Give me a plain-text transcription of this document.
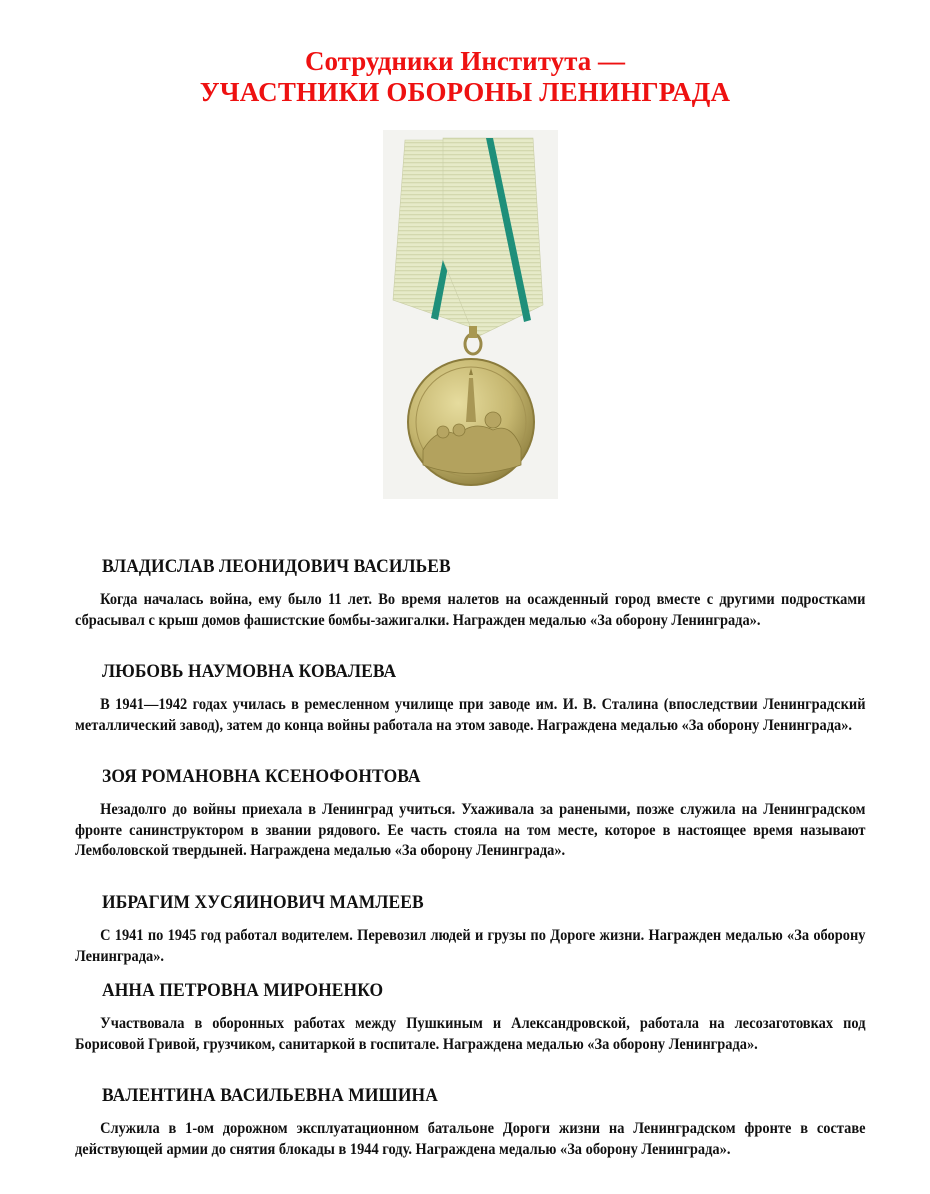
Сотрудники Института —
УЧАСТНИКИ ОБОРОНЫ ЛЕНИНГРАДА
ВЛАДИСЛАВ ЛЕОНИДОВИЧ ВАСИЛЬЕВ
Когда началась война, ему было 11 лет. Во время налетов на осажденный город вместе с другими подростками сбрасывал с крыш домов фашистские бомбы-зажигалки. Награжден медалью «За оборону Ленинграда».
ЛЮБОВЬ НАУМОВНА КОВАЛЕВА
В 1941—1942 годах училась в ремесленном училище при заводе им. И. В. Сталина (впоследствии Ленинградский металлический завод), затем до конца войны работала на этом заводе. Награждена медалью «За оборону Ленинграда».
ЗОЯ РОМАНОВНА КСЕНОФОНТОВА
Незадолго до войны приехала в Ленинград учиться. Ухаживала за ранеными, позже служила на Ленинградском фронте санинструктором в звании рядового. Ее часть стояла на том месте, которое в настоящее время называют Лемболовской твердыней. Награждена медалью «За оборону Ленинграда».
ИБРАГИМ ХУСЯИНОВИЧ МАМЛЕЕВ
С 1941 по 1945 год работал водителем. Перевозил людей и грузы по Дороге жизни. Награжден медалью «За оборону Ленинграда».
АННА ПЕТРОВНА МИРОНЕНКО
Участвовала в оборонных работах между Пушкиным и Александровской, работала на лесозаготовках под Борисовой Гривой, грузчиком, санитаркой в госпитале. Награждена медалью «За оборону Ленинграда».
ВАЛЕНТИНА ВАСИЛЬЕВНА МИШИНА
Служила в 1-ом дорожном эксплуатационном батальоне Дороги жизни на Ленинградском фронте в составе действующей армии до снятия блокады в 1944 году. Награждена медалью «За оборону Ленинграда».
